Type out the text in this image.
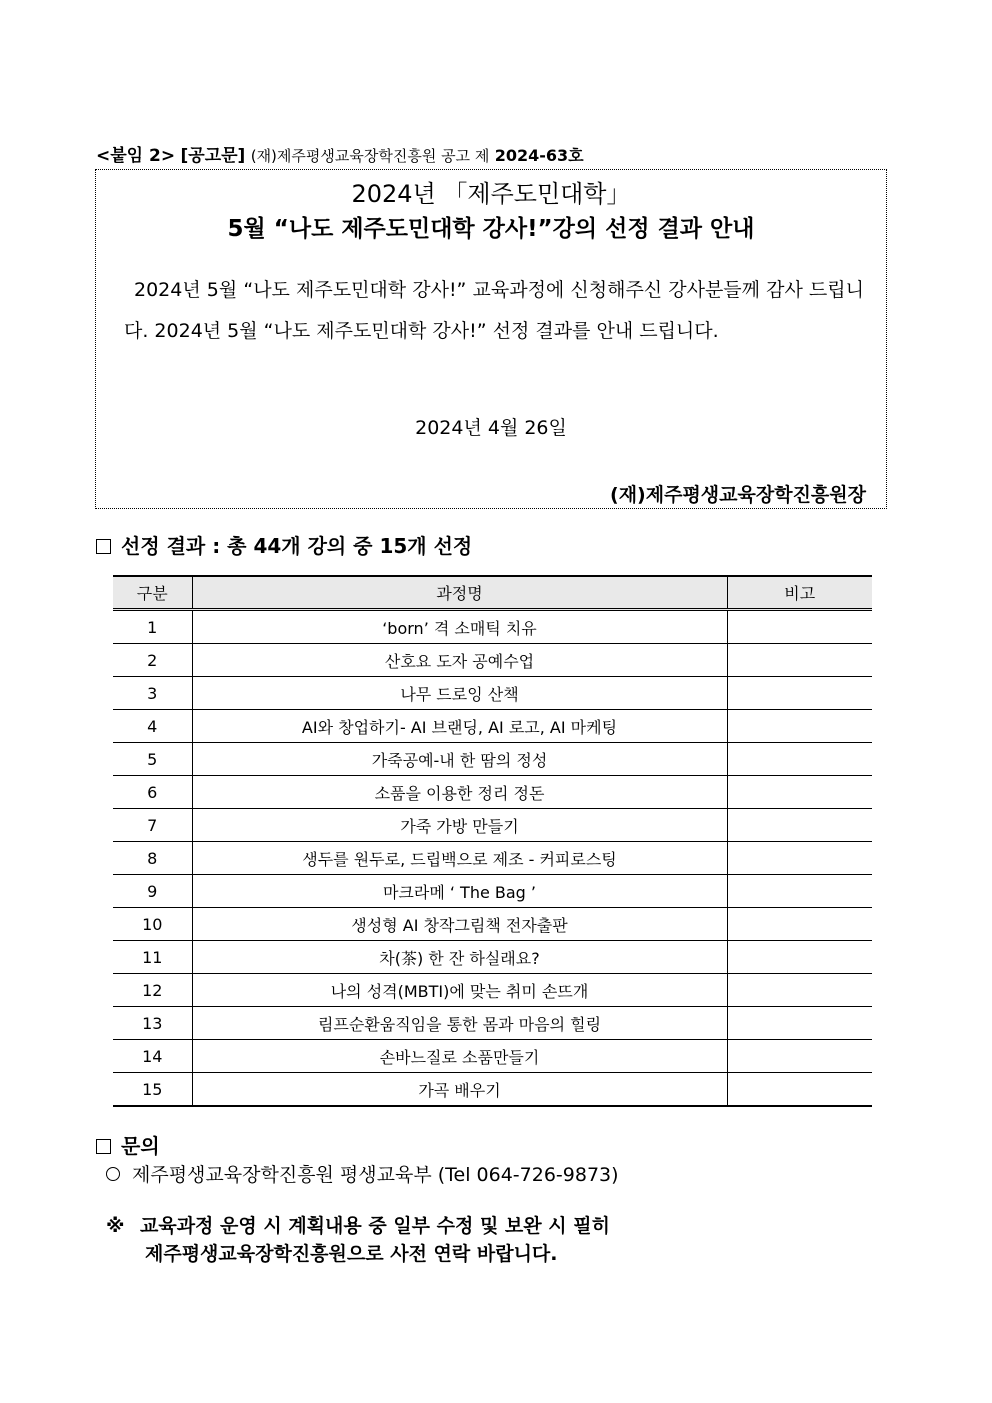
<붙임 2> [공고문] (재)제주평생교육장학진흥원 공고 제 2024-63호
2024년 「제주도민대학」
5월 “나도 제주도민대학 강사!”강의 선정 결과 안내
2024년 5월 “나도 제주도민대학 강사!” 교육과정에 신청해주신 강사분들께 감사 드립니다. 2024년 5월 “나도 제주도민대학 강사!” 선정 결과를 안내 드립니다.
2024년 4월 26일
(재)제주평생교육장학진흥원장
선정 결과 : 총 44개 강의 중 15개 선정
구분	과정명	비고
1	‘born’ 격 소매틱 치유	
2	산호요 도자 공예수업	
3	나무 드로잉 산책	
4	AI와 창업하기- AI 브랜딩, AI 로고, AI 마케팅	
5	가죽공예-내 한 땀의 정성	
6	소품을 이용한 정리 정돈	
7	가죽 가방 만들기	
8	생두를 원두로, 드립백으로 제조 - 커피로스팅	
9	마크라메 ‘ The Bag ’	
10	생성형 AI 창작그림책 전자출판	
11	차(茶) 한 잔 하실래요?	
12	나의 성격(MBTI)에 맞는 취미 손뜨개	
13	림프순환움직임을 통한 몸과 마음의 힐링	
14	손바느질로 소품만들기	
15	가곡 배우기	
문의
제주평생교육장학진흥원 평생교육부 (Tel 064-726-9873)
※ 교육과정 운영 시 계획내용 중 일부 수정 및 보완 시 필히
제주평생교육장학진흥원으로 사전 연락 바랍니다.
